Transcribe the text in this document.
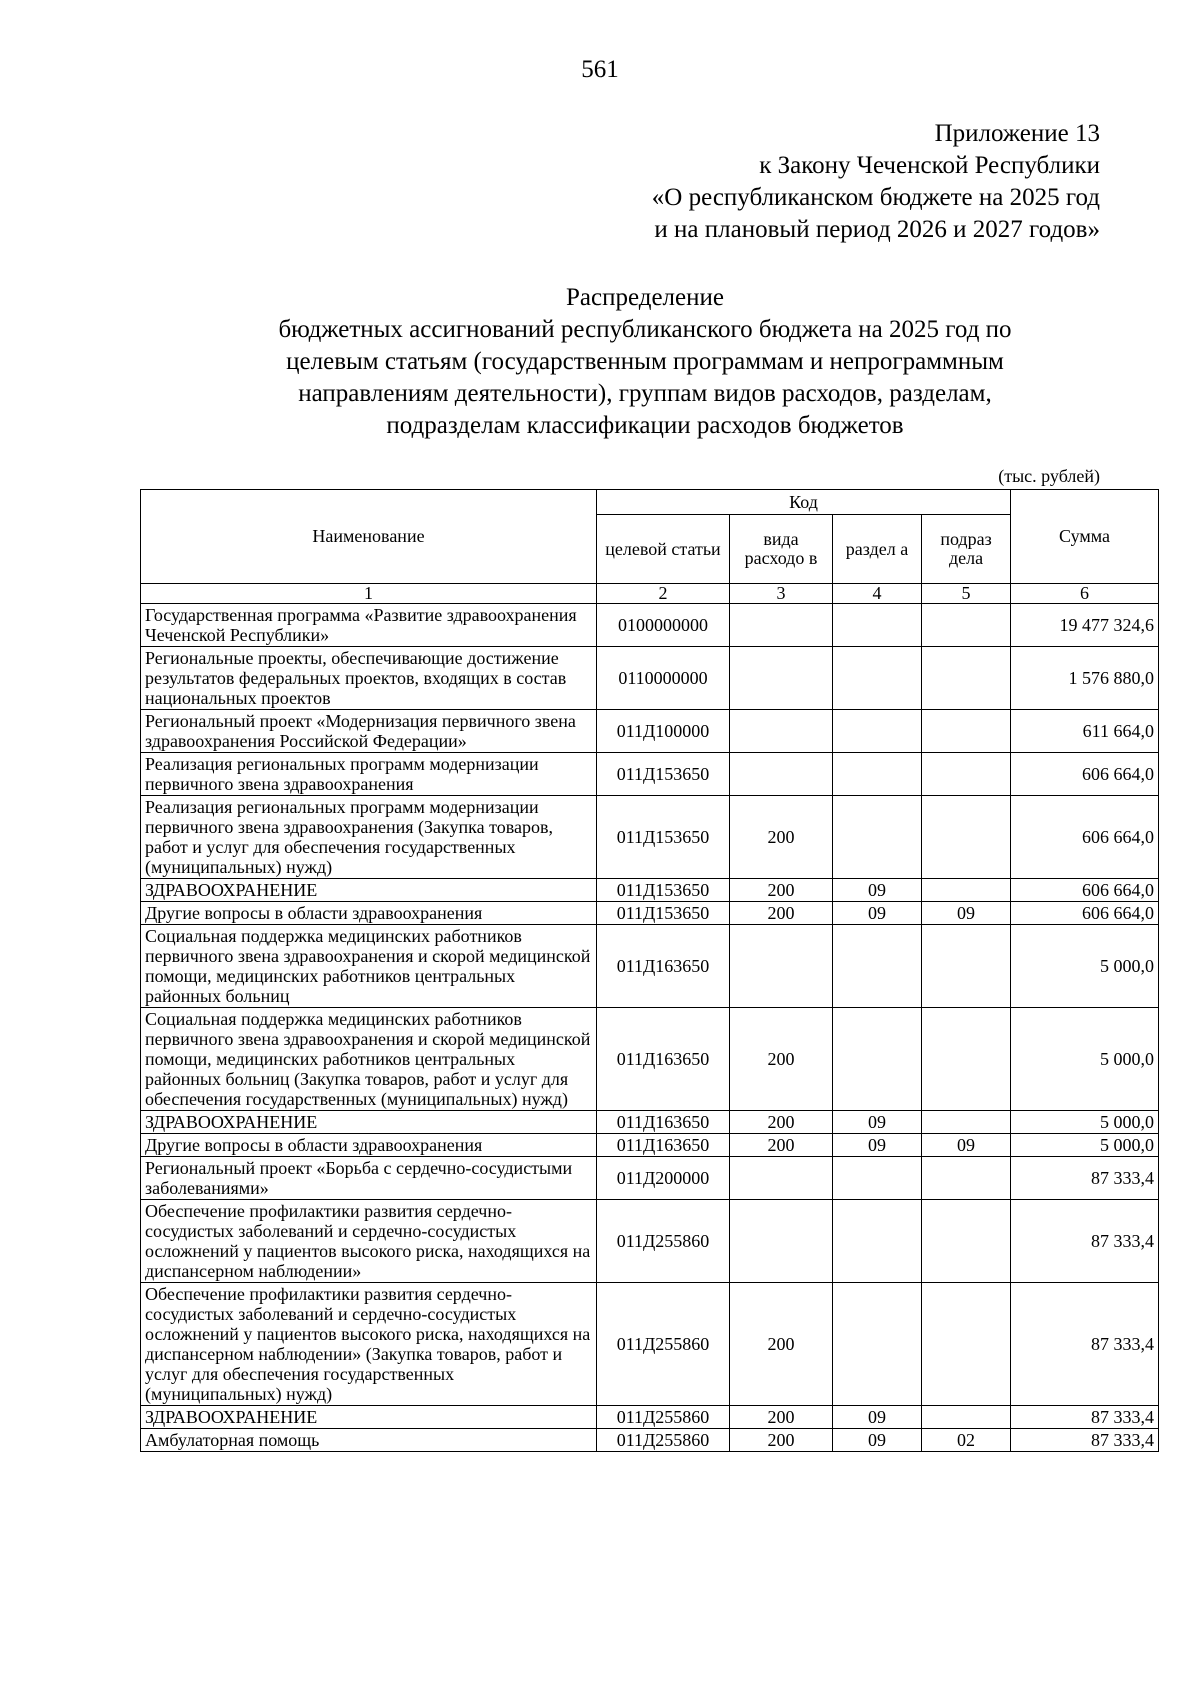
561
Приложение 13
к Закону Чеченской Республики
«О республиканском бюджете на 2025 год
и на плановый период 2026 и 2027 годов»
Распределение
бюджетных ассигнований республиканского бюджета на 2025 год по
целевым статьям (государственным программам и непрограммным
направлениям деятельности), группам видов расходов, разделам,
подразделам классификации расходов бюджетов
(тыс. рублей)
Наименование	Код				Сумма
	целевой статьи	вида расходо в	раздел а	подраз дела	
1	2	3	4	5	6
Государственная программа «Развитие здравоохранения Чеченской Республики»	0100000000				19 477 324,6
Региональные проекты, обеспечивающие достижение результатов федеральных проектов, входящих в состав национальных проектов	0110000000				1 576 880,0
Региональный проект «Модернизация первичного звена здравоохранения Российской Федерации»	011Д100000				611 664,0
Реализация региональных программ модернизации первичного звена здравоохранения	011Д153650				606 664,0
Реализация региональных программ модернизации первичного звена здравоохранения (Закупка товаров, работ и услуг для обеспечения государственных (муниципальных) нужд)	011Д153650	200			606 664,0
ЗДРАВООХРАНЕНИЕ	011Д153650	200	09		606 664,0
Другие вопросы в области здравоохранения	011Д153650	200	09	09	606 664,0
Социальная поддержка медицинских работников первичного звена здравоохранения и скорой медицинской помощи, медицинских работников центральных районных больниц	011Д163650				5 000,0
Социальная поддержка медицинских работников первичного звена здравоохранения и скорой медицинской помощи, медицинских работников центральных районных больниц (Закупка товаров, работ и услуг для обеспечения государственных (муниципальных) нужд)	011Д163650	200			5 000,0
ЗДРАВООХРАНЕНИЕ	011Д163650	200	09		5 000,0
Другие вопросы в области здравоохранения	011Д163650	200	09	09	5 000,0
Региональный проект «Борьба с сердечно-сосудистыми заболеваниями»	011Д200000				87 333,4
Обеспечение профилактики развития сердечно-сосудистых заболеваний и сердечно-сосудистых осложнений у пациентов высокого риска, находящихся на диспансерном наблюдении»	011Д255860				87 333,4
Обеспечение профилактики развития сердечно-сосудистых заболеваний и сердечно-сосудистых осложнений у пациентов высокого риска, находящихся на диспансерном наблюдении» (Закупка товаров, работ и услуг для обеспечения государственных (муниципальных) нужд)	011Д255860	200			87 333,4
ЗДРАВООХРАНЕНИЕ	011Д255860	200	09		87 333,4
Амбулаторная помощь	011Д255860	200	09	02	87 333,4
